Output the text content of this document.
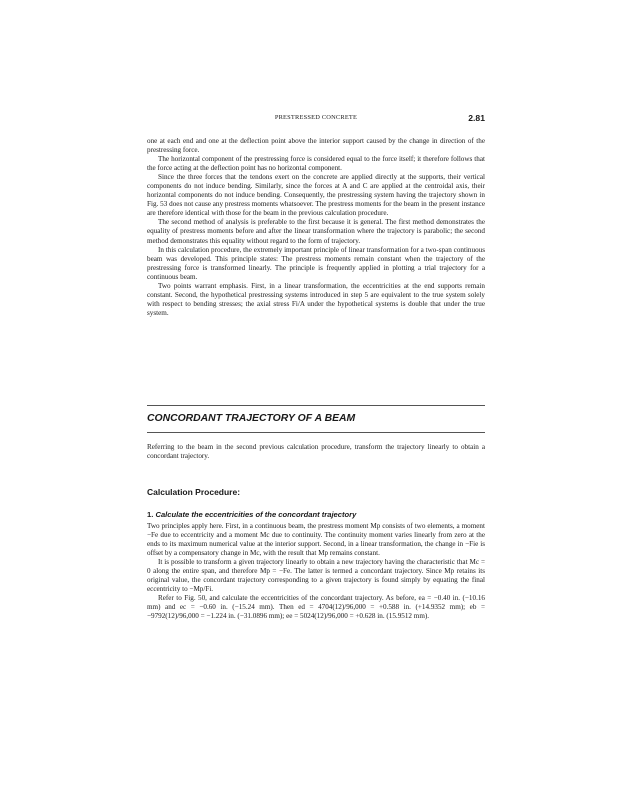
PRESTRESSED CONCRETE	2.81

one at each end and one at the deflection point above the interior support caused by the change in direction of the prestressing force.

The horizontal component of the prestressing force is considered equal to the force itself; it therefore follows that the force acting at the deflection point has no horizontal component.

Since the three forces that the tendons exert on the concrete are applied directly at the supports, their vertical components do not induce bending. Similarly, since the forces at A and C are applied at the centroidal axis, their horizontal components do not induce bending. Consequently, the prestressing system having the trajectory shown in Fig. 53 does not cause any prestress moments whatsoever. The prestress moments for the beam in the present instance are therefore identical with those for the beam in the previous calculation procedure.

The second method of analysis is preferable to the first because it is general. The first method demonstrates the equality of prestress moments before and after the linear transformation where the trajectory is parabolic; the second method demonstrates this equality without regard to the form of trajectory.

In this calculation procedure, the extremely important principle of linear transformation for a two-span continuous beam was developed. This principle states: The prestress moments remain constant when the trajectory of the prestressing force is transformed linearly. The principle is frequently applied in plotting a trial trajectory for a continuous beam.

Two points warrant emphasis. First, in a linear transformation, the eccentricities at the end supports remain constant. Second, the hypothetical prestressing systems introduced in step 5 are equivalent to the true system solely with respect to bending stresses; the axial stress Fi/A under the hypothetical systems is double that under the true system.

CONCORDANT TRAJECTORY OF A BEAM

Referring to the beam in the second previous calculation procedure, transform the trajectory linearly to obtain a concordant trajectory.

Calculation Procedure:
1. Calculate the eccentricities of the concordant trajectory

Two principles apply here. First, in a continuous beam, the prestress moment Mp consists of two elements, a moment −Fe due to eccentricity and a moment Mc due to continuity. The continuity moment varies linearly from zero at the ends to its maximum numerical value at the interior support. Second, in a linear transformation, the change in −Fie is offset by a compensatory change in Mc, with the result that Mp remains constant.

It is possible to transform a given trajectory linearly to obtain a new trajectory having the characteristic that Mc = 0 along the entire span, and therefore Mp = −Fe. The latter is termed a concordant trajectory. Since Mp retains its original value, the concordant trajectory corresponding to a given trajectory is found simply by equating the final eccentricity to −Mp/Fi.

Refer to Fig. 50, and calculate the eccentricities of the concordant trajectory. As before, ea = −0.40 in. (−10.16 mm) and ec = −0.60 in. (−15.24 mm). Then ed = 4704(12)/96,000 = +0.588 in. (+14.9352 mm); eb = −9792(12)/96,000 = −1.224 in. (−31.0896 mm); ee = 5024(12)/96,000 = +0.628 in. (15.9512 mm).
